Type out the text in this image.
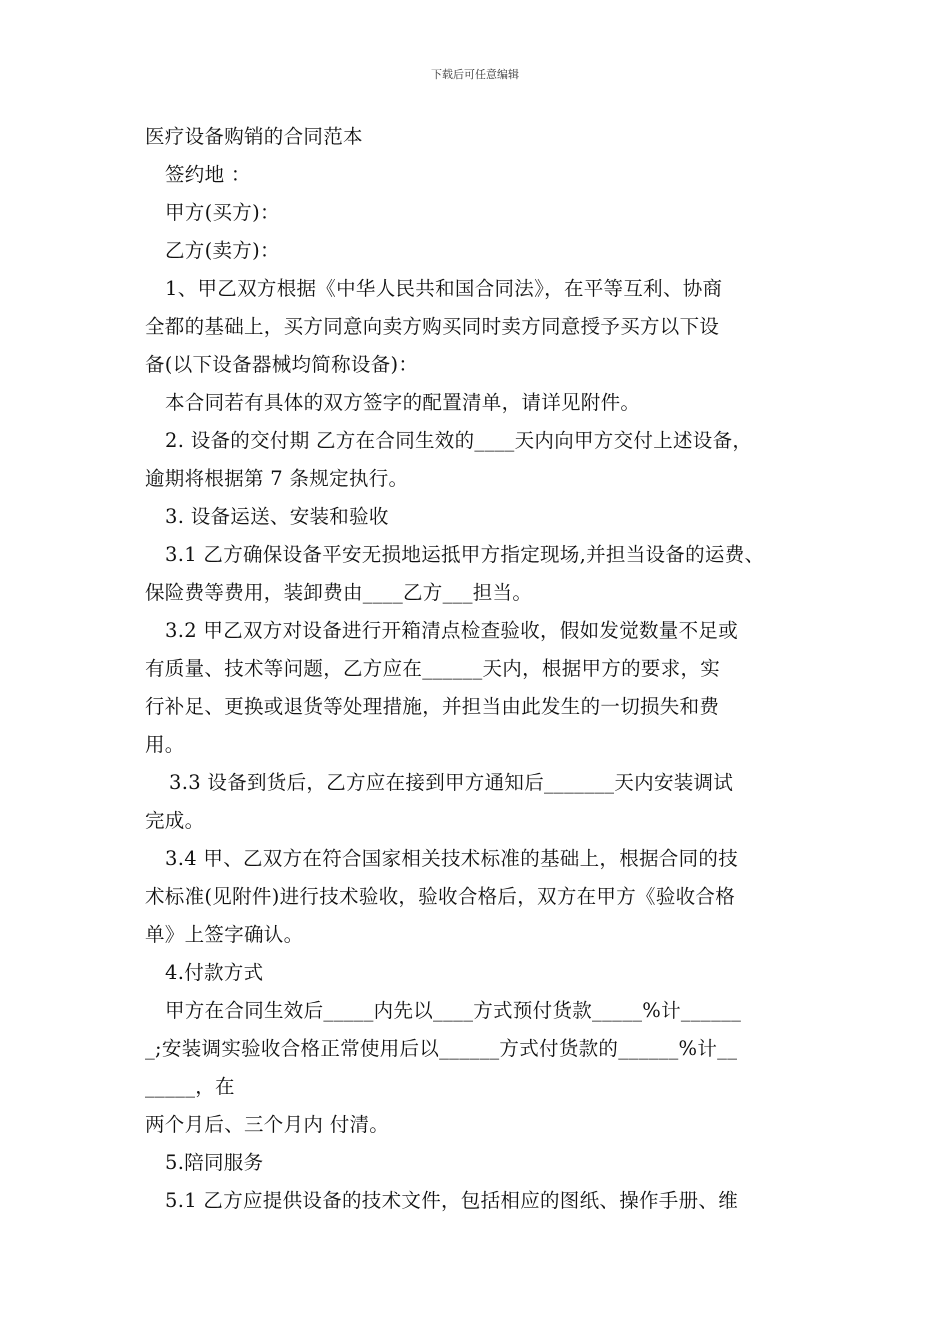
下载后可任意编辑
医疗设备购销的合同范本
签约地 ：
甲方(买方)：
乙方(卖方)：
1、甲乙双方根据《中华人民共和国合同法》，在平等互利、协商
全都的基础上，买方同意向卖方购买同时卖方同意授予买方以下设
备(以下设备器械均简称设备)：
本合同若有具体的双方签字的配置清单，请详见附件。
2. 设备的交付期 乙方在合同生效的____天内向甲方交付上述设备，
逾期将根据第 7 条规定执行。
3. 设备运送、安装和验收
3.1 乙方确保设备平安无损地运抵甲方指定现场,并担当设备的运费、
保险费等费用，装卸费由____乙方___担当。
3.2 甲乙双方对设备进行开箱清点检查验收，假如发觉数量不足或
有质量、技术等问题，乙方应在______天内，根据甲方的要求，实
行补足、更换或退货等处理措施，并担当由此发生的一切损失和费
用。
3.3 设备到货后，乙方应在接到甲方通知后_______天内安装调试
完成。
3.4 甲、乙双方在符合国家相关技术标准的基础上，根据合同的技
术标准(见附件)进行技术验收，验收合格后，双方在甲方《验收合格
单》上签字确认。
4.付款方式
甲方在合同生效后_____内先以____方式预付货款_____%计______
_;安装调实验收合格正常使用后以______方式付货款的______%计__
_____，在
两个月后、三个月内 付清。
5.陪同服务
5.1 乙方应提供设备的技术文件，包括相应的图纸、操作手册、维
